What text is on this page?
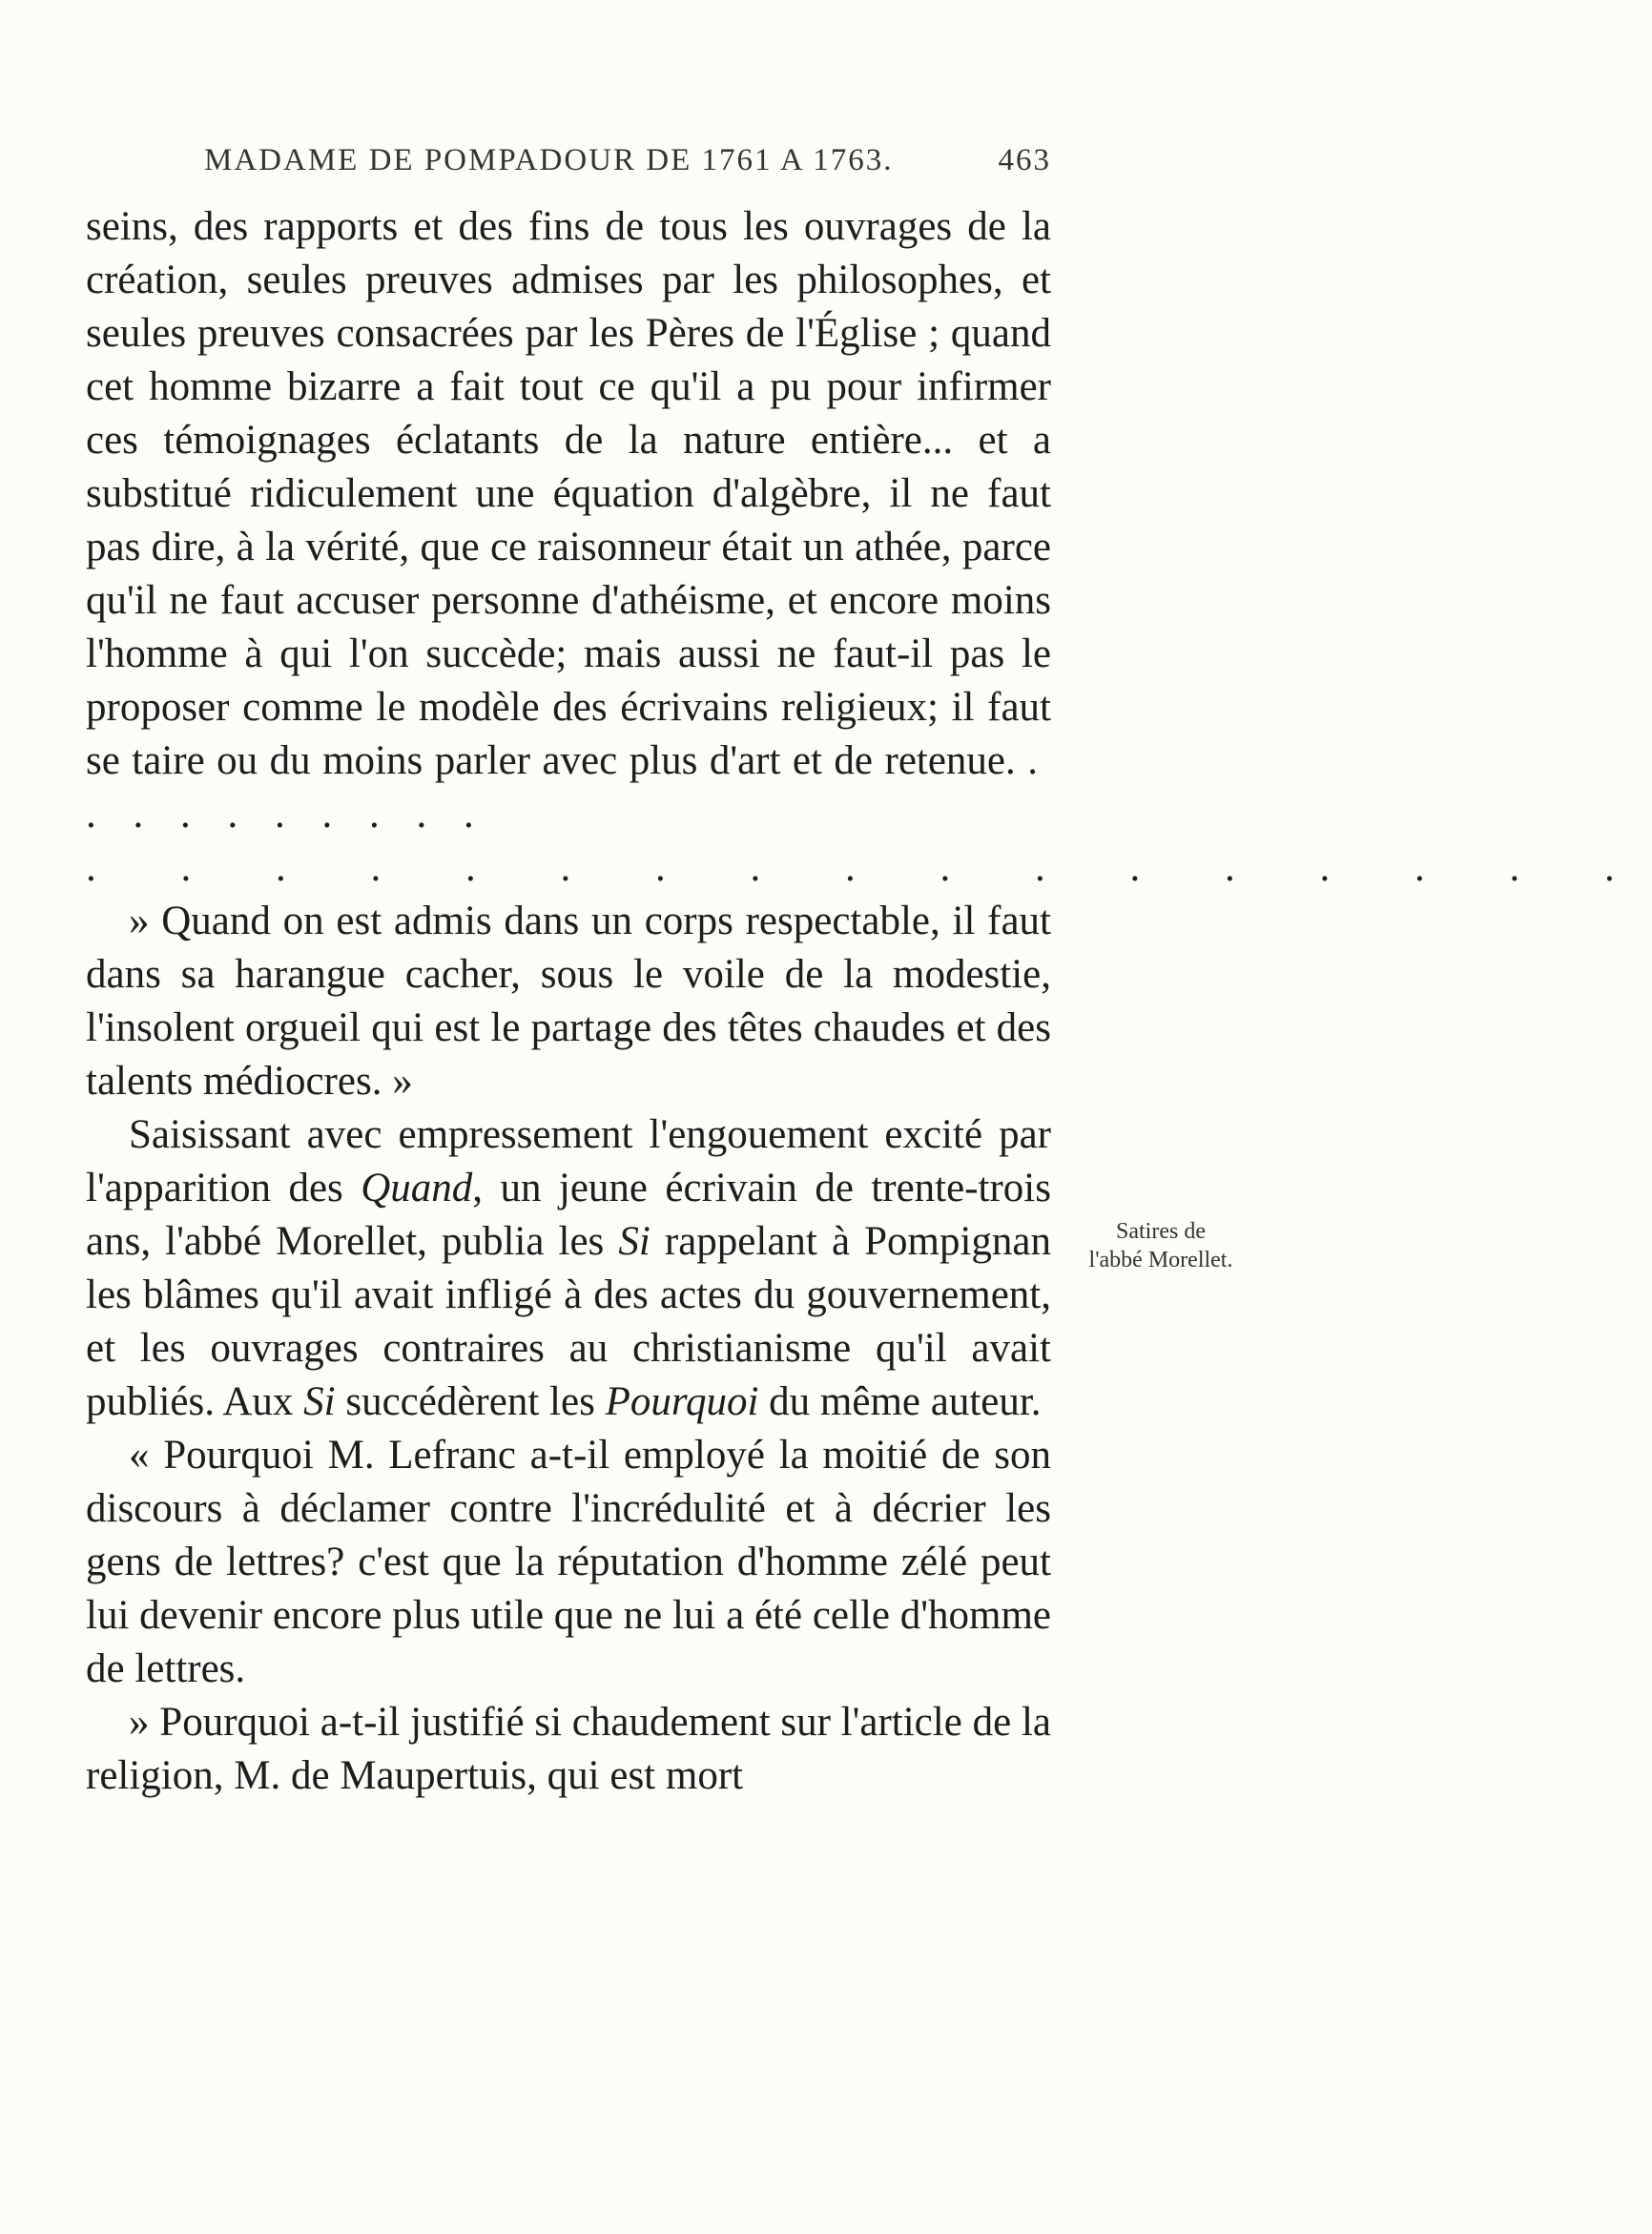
MADAME DE POMPADOUR DE 1761 A 1763.	463

seins, des rapports et des fins de tous les ouvrages de la création, seules preuves admises par les philosophes, et seules preuves consacrées par les Pères de l'Église ; quand cet homme bizarre a fait tout ce qu'il a pu pour infirmer ces témoignages éclatants de la nature entière... et a substitué ridiculement une équation d'algèbre, il ne faut pas dire, à la vérité, que ce raisonneur était un athée, parce qu'il ne faut accuser personne d'athéisme, et encore moins l'homme à qui l'on succède; mais aussi ne faut-il pas le proposer comme le modèle des écrivains religieux; il faut se taire ou du moins parler avec plus d'art et de retenue. . . . . . . . . . .

. . . . . . . . . . . . . . . . .

» Quand on est admis dans un corps respectable, il faut dans sa harangue cacher, sous le voile de la modestie, l'insolent orgueil qui est le partage des têtes chaudes et des talents médiocres. »

Saisissant avec empressement l'engouement excité par l'apparition des Quand, un jeune écrivain de trente-trois ans, l'abbé Morellet, publia les Si rappelant à Pompignan les blâmes qu'il avait infligé à des actes du gouvernement, et les ouvrages contraires au christianisme qu'il avait publiés. Aux Si succédèrent les Pourquoi du même auteur.

« Pourquoi M. Lefranc a-t-il employé la moitié de son discours à déclamer contre l'incrédulité et à décrier les gens de lettres? c'est que la réputation d'homme zélé peut lui devenir encore plus utile que ne lui a été celle d'homme de lettres.

» Pourquoi a-t-il justifié si chaudement sur l'article de la religion, M. de Maupertuis, qui est mort

Satires de
l'abbé Morellet.
